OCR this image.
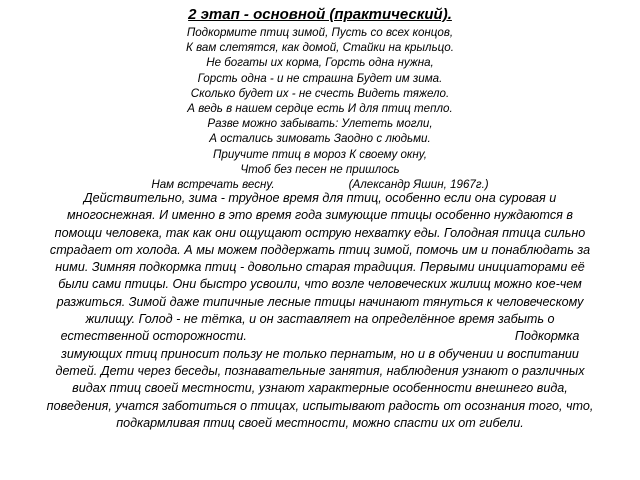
2 этап - основной (практический).
Подкормите птиц зимой, Пусть со всех концов,
К вам слетятся, как домой, Стайки на крыльцо.
Не богаты их корма, Горсть одна нужна,
Горсть одна - и не страшна Будет им зима.
Сколько будет их - не счесть Видеть тяжело.
А ведь в нашем сердце есть И для птиц тепло.
Разве можно забывать: Улететь могли,
А остались зимовать Заодно с людьми.
Приучите птиц в мороз К своему окну,
Чтоб без песен не пришлось
Нам встречать весну.	(Александр Яшин, 1967г.)
Действительно, зима - трудное время для птиц, особенно если она суровая и
многоснежная. И именно в это время года зимующие птицы особенно нуждаются в
помощи человека, так как они ощущают острую нехватку еды. Голодная птица сильно
страдает от холода. А мы можем поддержать птиц зимой, помочь им и понаблюдать за
ними. Зимняя подкормка птиц - довольно старая традиция. Первыми инициаторами её
были сами птицы. Они быстро усвоили, что возле человеческих жилищ можно кое-чем
разжиться. Зимой даже типичные лесные птицы начинают тянуться к человеческому
жилищу. Голод - не тётка, и он заставляет на определённое время забыть о
естественной осторожности.	Подкормка
зимующих птиц приносит пользу не только пернатым, но и в обучении и воспитании
детей. Дети через беседы, познавательные занятия, наблюдения узнают о различных
видах птиц своей местности, узнают характерные особенности внешнего вида,
поведения, учатся заботиться о птицах, испытывают радость от осознания того, что,
подкармливая птиц своей местности, можно спасти их от гибели.
